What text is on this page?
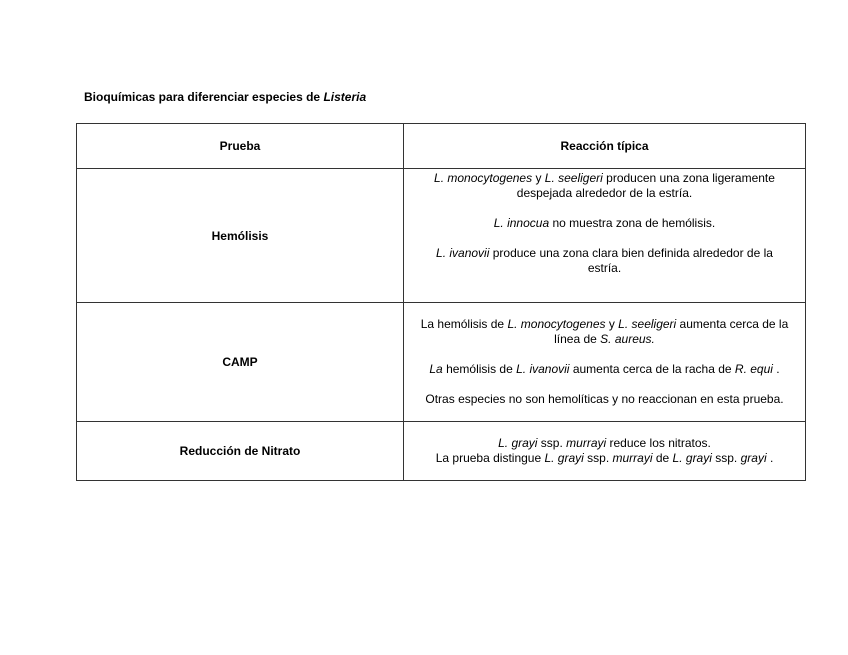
Bioquímicas para diferenciar especies de Listeria
Prueba	Reacción típica
Hemólisis	L. monocytogenes y L. seeligeri producen una zona ligeramente despejada alrededor de la estría.

L. innocua no muestra zona de hemólisis.

L. ivanovii produce una zona clara bien definida alrededor de la estría.

CAMP	La hemólisis de L. monocytogenes y L. seeligeri aumenta cerca de la línea de S. aureus.

La hemólisis de L. ivanovii aumenta cerca de la racha de R. equi .

Otras especies no son hemolíticas y no reaccionan en esta prueba.

Reducción de Nitrato	L. grayi ssp. murrayi reduce los nitratos.

La prueba distingue L. grayi ssp. murrayi de L. grayi ssp. grayi .
